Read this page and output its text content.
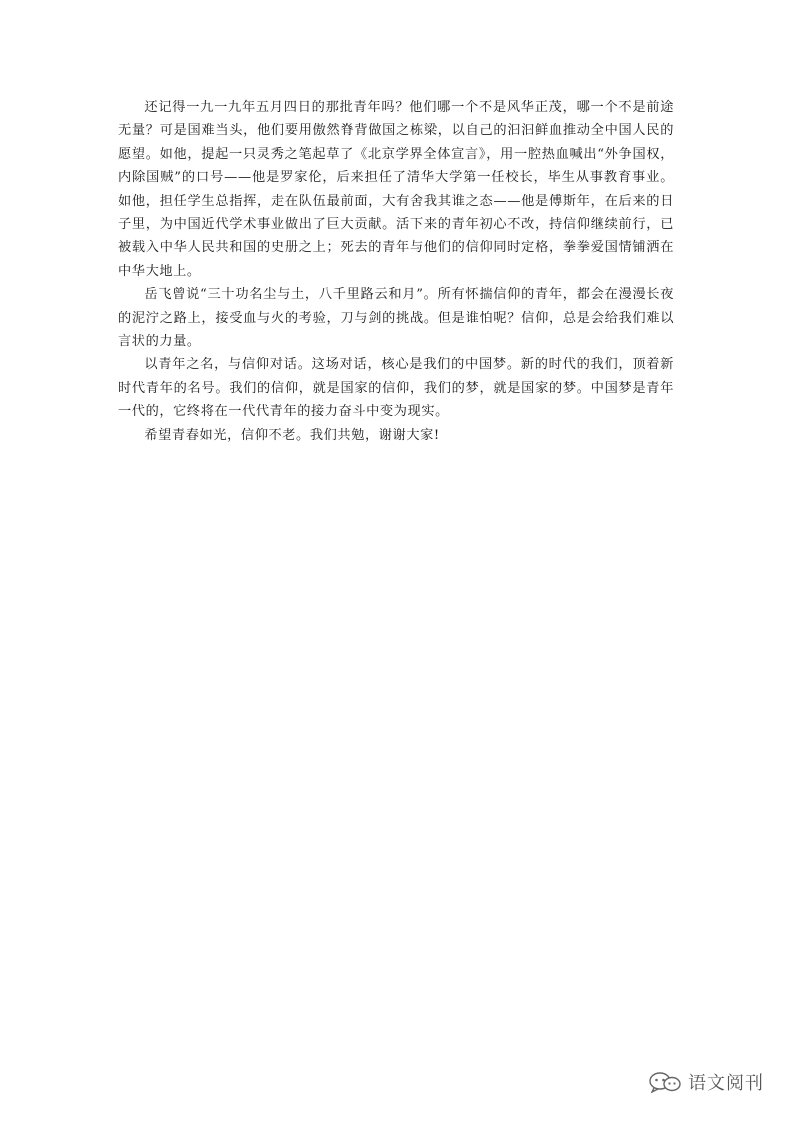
还记得一九一九年五月四日的那批青年吗？他们哪一个不是风华正茂，哪一个不是前途无量？可是国难当头，他们要用傲然脊背做国之栋梁，以自己的汩汩鲜血推动全中国人民的愿望。如他，提起一只灵秀之笔起草了《北京学界全体宣言》，用一腔热血喊出“外争国权，内除国贼”的口号——他是罗家伦，后来担任了清华大学第一任校长，毕生从事教育事业。如他，担任学生总指挥，走在队伍最前面，大有舍我其谁之态——他是傅斯年，在后来的日子里，为中国近代学术事业做出了巨大贡献。活下来的青年初心不改，持信仰继续前行，已被载入中华人民共和国的史册之上；死去的青年与他们的信仰同时定格，拳拳爱国情铺洒在中华大地上。

岳飞曾说“三十功名尘与土，八千里路云和月”。所有怀揣信仰的青年，都会在漫漫长夜的泥泞之路上，接受血与火的考验，刀与剑的挑战。但是谁怕呢？信仰，总是会给我们难以言状的力量。

以青年之名，与信仰对话。这场对话，核心是我们的中国梦。新的时代的我们，顶着新时代青年的名号。我们的信仰，就是国家的信仰，我们的梦，就是国家的梦。中国梦是青年一代的，它终将在一代代青年的接力奋斗中变为现实。

希望青春如光，信仰不老。我们共勉，谢谢大家!

语文阅刊
